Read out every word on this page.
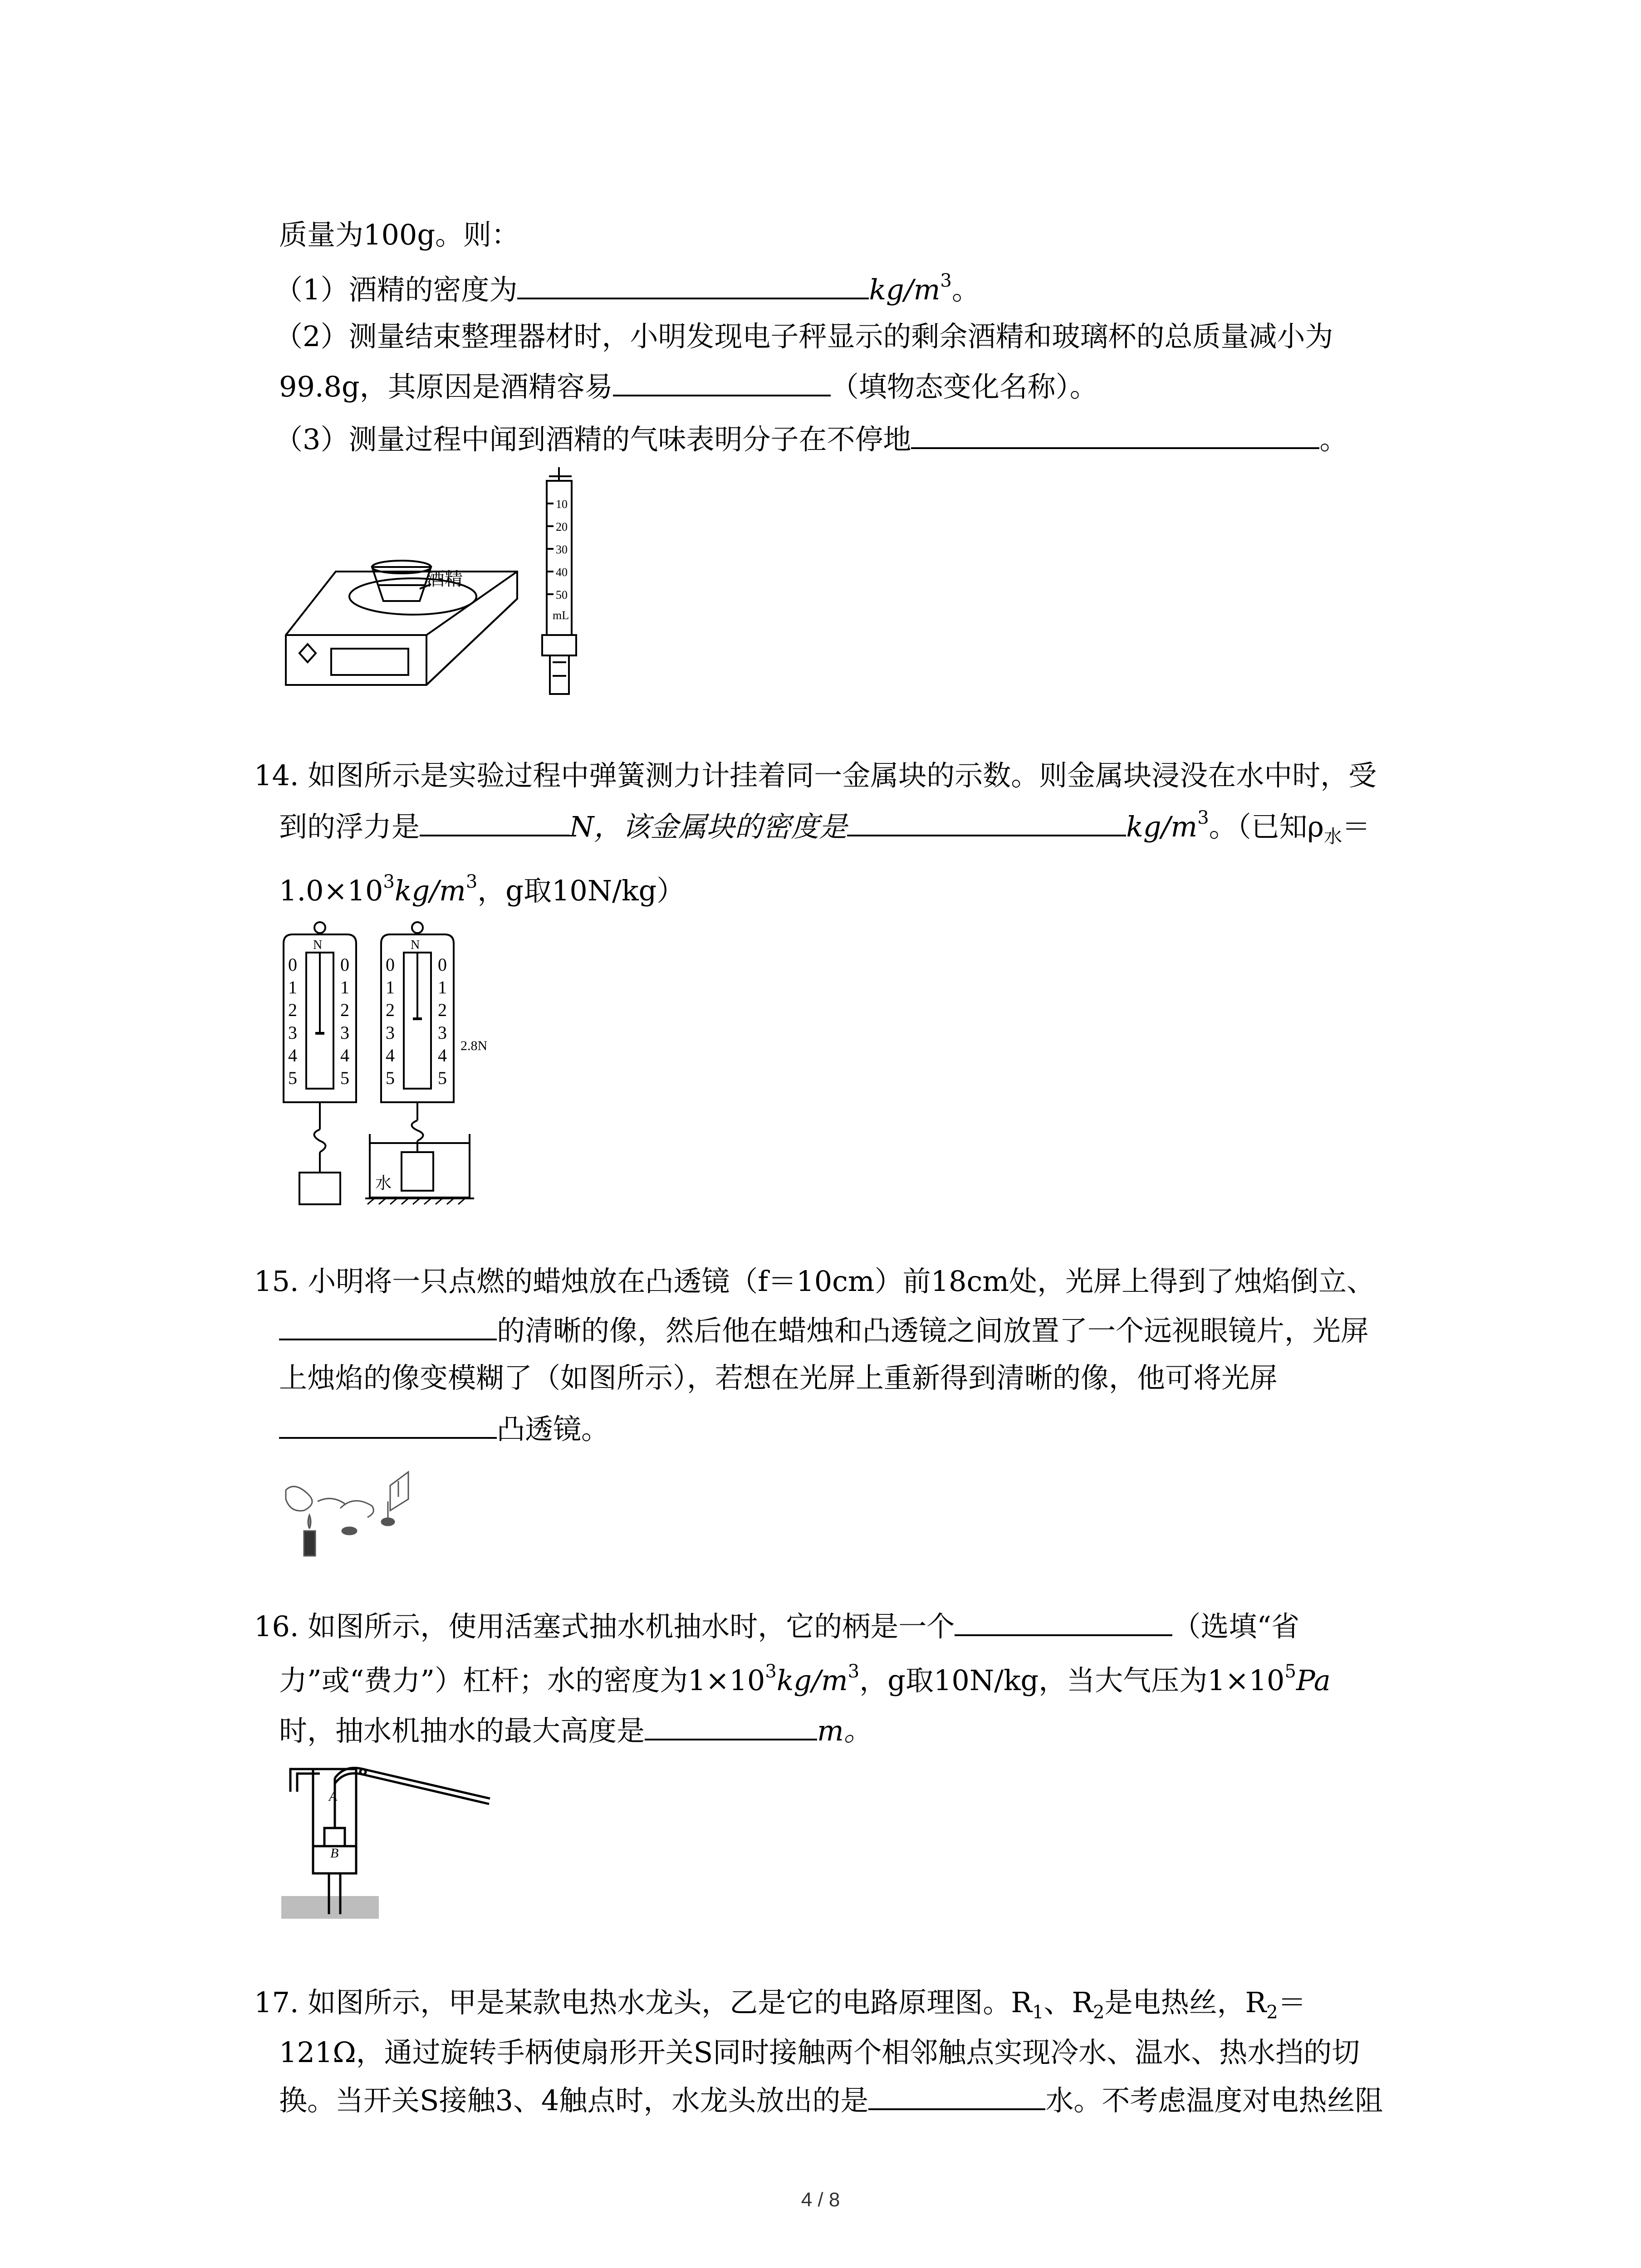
质量为100g。则：
（1）酒精的密度为	$kg/m^3$。
（2）测量结束整理器材时，小明发现电子秤显示的剩余酒精和玻璃杯的总质量减小为
99.8g，其原因是酒精容易	（填物态变化名称）。
（3）测量过程中闻到酒精的气味表明分子在不停地	。
酒精
10
20
30
40
50
mL
14. 如图所示是实验过程中弹簧测力计挂着同一金属块的示数。则金属块浸没在水中时，受
到的浮力是	N，该金属块的密度是	$kg/m^3$。（已知$\rho_水=$
$1.0\times 10^3kg/m^3$，g取10N/kg）
N
0
1
2
3
4
5
0
1
2
3
4
5
N
0
1
2
3
4
5
0
1
2
3
4
5
2.8N
水
15. 小明将一只点燃的蜡烛放在凸透镜（f＝10cm）前18cm处，光屏上得到了烛焰倒立、
的清晰的像，然后他在蜡烛和凸透镜之间放置了一个远视眼镜片，光屏
上烛焰的像变模糊了（如图所示），若想在光屏上重新得到清晰的像，他可将光屏
凸透镜。
16. 如图所示，使用活塞式抽水机抽水时，它的柄是一个	（选填“省
力”或“费力”）杠杆；水的密度为$1\times 10^3kg/m^3$，g取10N/kg，当大气压为$1\times 10^5Pa$
时，抽水机抽水的最大高度是	m。
A
B
17. 如图所示，甲是某款电热水龙头，乙是它的电路原理图。$R_1$、$R_2$是电热丝，$R_2=$
121Ω，通过旋转手柄使扇形开关S同时接触两个相邻触点实现冷水、温水、热水挡的切
换。当开关S接触3、4触点时，水龙头放出的是	水。不考虑温度对电热丝阻
4 / 8
